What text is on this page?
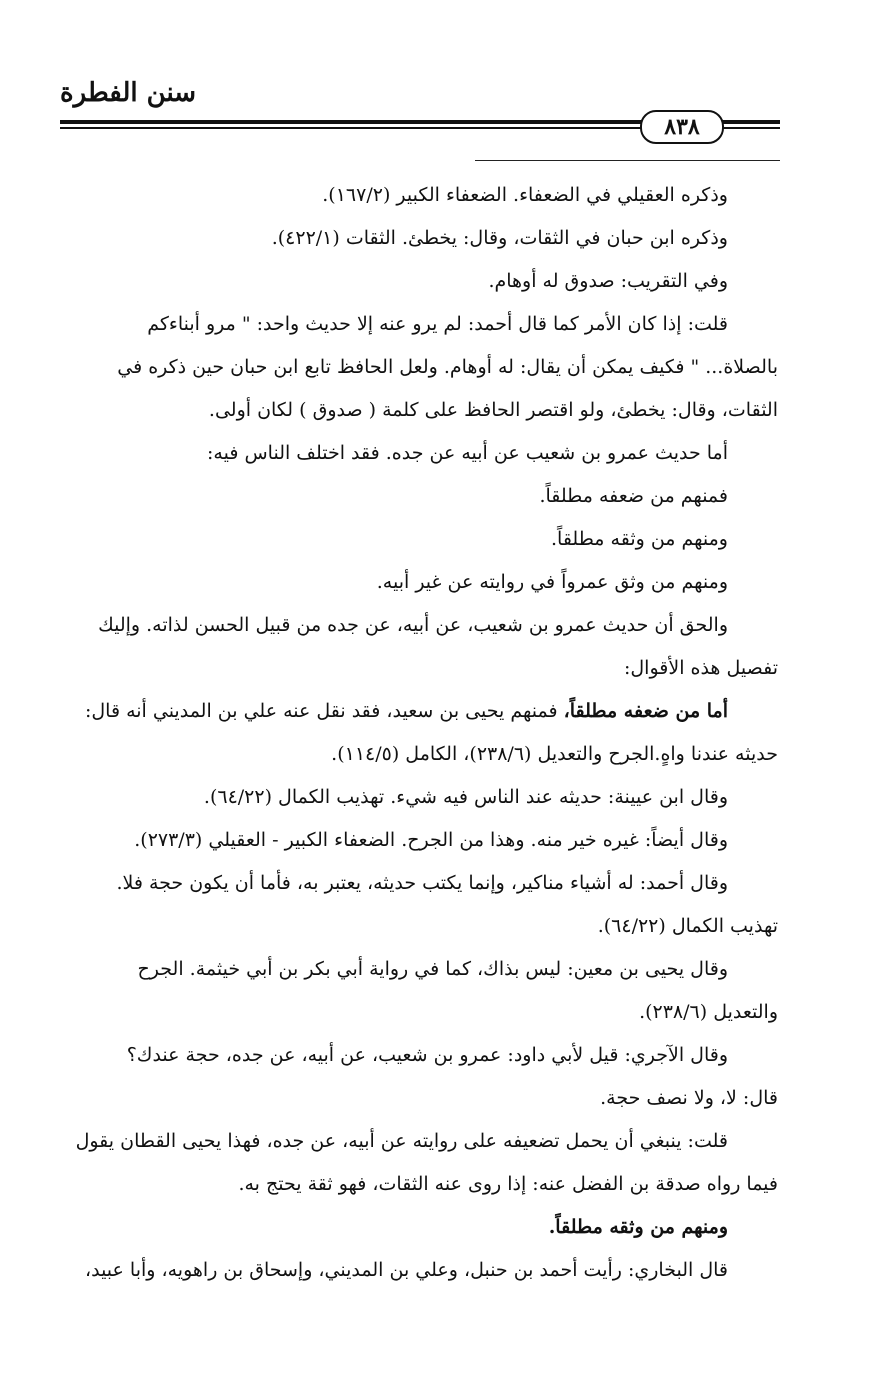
سنن الفطرة
٨٣٨

وذكره العقيلي في الضعفاء. الضعفاء الكبير (١٦٧/٢).

وذكره ابن حبان في الثقات، وقال: يخطئ. الثقات (٤٢٢/١).

وفي التقريب: صدوق له أوهام.

قلت: إذا كان الأمر كما قال أحمد: لم يرو عنه إلا حديث واحد: " مرو أبناءكم

بالصلاة... " فكيف يمكن أن يقال: له أوهام. ولعل الحافظ تابع ابن حبان حين ذكره في

الثقات، وقال: يخطئ، ولو اقتصر الحافظ على كلمة ( صدوق ) لكان أولى.

أما حديث عمرو بن شعيب عن أبيه عن جده. فقد اختلف الناس فيه:

فمنهم من ضعفه مطلقاً.

ومنهم من وثقه مطلقاً.

ومنهم من وثق عمرواً في روايته عن غير أبيه.

والحق أن حديث عمرو بن شعيب، عن أبيه، عن جده من قبيل الحسن لذاته. وإليك

تفصيل هذه الأقوال:

أما من ضعفه مطلقاً، فمنهم يحيى بن سعيد، فقد نقل عنه علي بن المديني أنه قال:

حديثه عندنا واهٍ.الجرح والتعديل (٢٣٨/٦)، الكامل (١١٤/٥).

وقال ابن عيينة: حديثه عند الناس فيه شيء. تهذيب الكمال (٦٤/٢٢).

وقال أيضاً: غيره خير منه. وهذا من الجرح. الضعفاء الكبير - العقيلي (٢٧٣/٣).

وقال أحمد: له أشياء مناكير، وإنما يكتب حديثه، يعتبر به، فأما أن يكون حجة فلا.

تهذيب الكمال (٦٤/٢٢).

وقال يحيى بن معين: ليس بذاك، كما في رواية أبي بكر بن أبي خيثمة. الجرح

والتعديل (٢٣٨/٦).

وقال الآجري: قيل لأبي داود: عمرو بن شعيب، عن أبيه، عن جده، حجة عندك؟

قال: لا، ولا نصف حجة.

قلت: ينبغي أن يحمل تضعيفه على روايته عن أبيه، عن جده، فهذا يحيى القطان يقول

فيما رواه صدقة بن الفضل عنه: إذا روى عنه الثقات، فهو ثقة يحتج به.

ومنهم من وثقه مطلقاً.

قال البخاري: رأيت أحمد بن حنبل، وعلي بن المديني، وإسحاق بن راهويه، وأبا عبيد،
